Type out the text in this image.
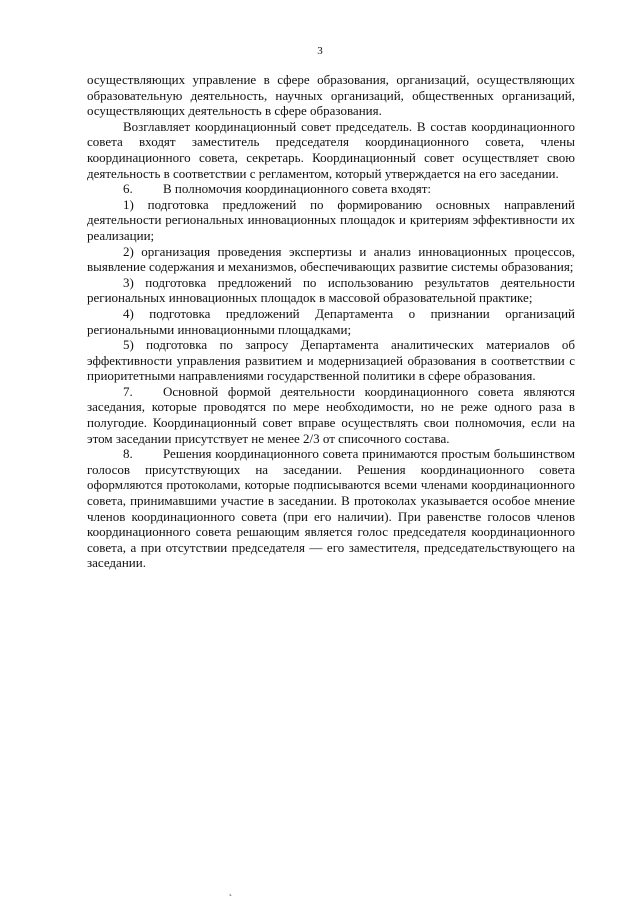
3

осуществляющих управление в сфере образования, организаций, осуществляющих образовательную деятельность, научных организаций, общественных организаций, осуществляющих деятельность в сфере образования.

Возглавляет координационный совет председатель. В состав координационного совета входят заместитель председателя координационного совета, члены координационного совета, секретарь. Координационный совет осуществляет свою деятельность в соответствии с регламентом, который утверждается на его заседании.

6. В полномочия координационного совета входят:

1) подготовка предложений по формированию основных направлений деятельности региональных инновационных площадок и критериям эффективности их реализации;

2) организация проведения экспертизы и анализ инновационных процессов, выявление содержания и механизмов, обеспечивающих развитие системы образования;

3) подготовка предложений по использованию результатов деятельности региональных инновационных площадок в массовой образовательной практике;

4) подготовка предложений Департамента о признании организаций региональными инновационными площадками;

5) подготовка по запросу Департамента аналитических материалов об эффективности управления развитием и модернизацией образования в соответствии с приоритетными направлениями государственной политики в сфере образования.

7. Основной формой деятельности координационного совета являются заседания, которые проводятся по мере необходимости, но не реже одного раза в полугодие. Координационный совет вправе осуществлять свои полномочия, если на этом заседании присутствует не менее 2/3 от списочного состава.

8. Решения координационного совета принимаются простым большинством голосов присутствующих на заседании. Решения координационного совета оформляются протоколами, которые подписываются всеми членами координационного совета, принимавшими участие в заседании. В протоколах указывается особое мнение членов координационного совета (при его наличии). При равенстве голосов членов координационного совета решающим является голос председателя координационного совета, а при отсутствии председателя — его заместителя, председательствующего на заседании.

˛
